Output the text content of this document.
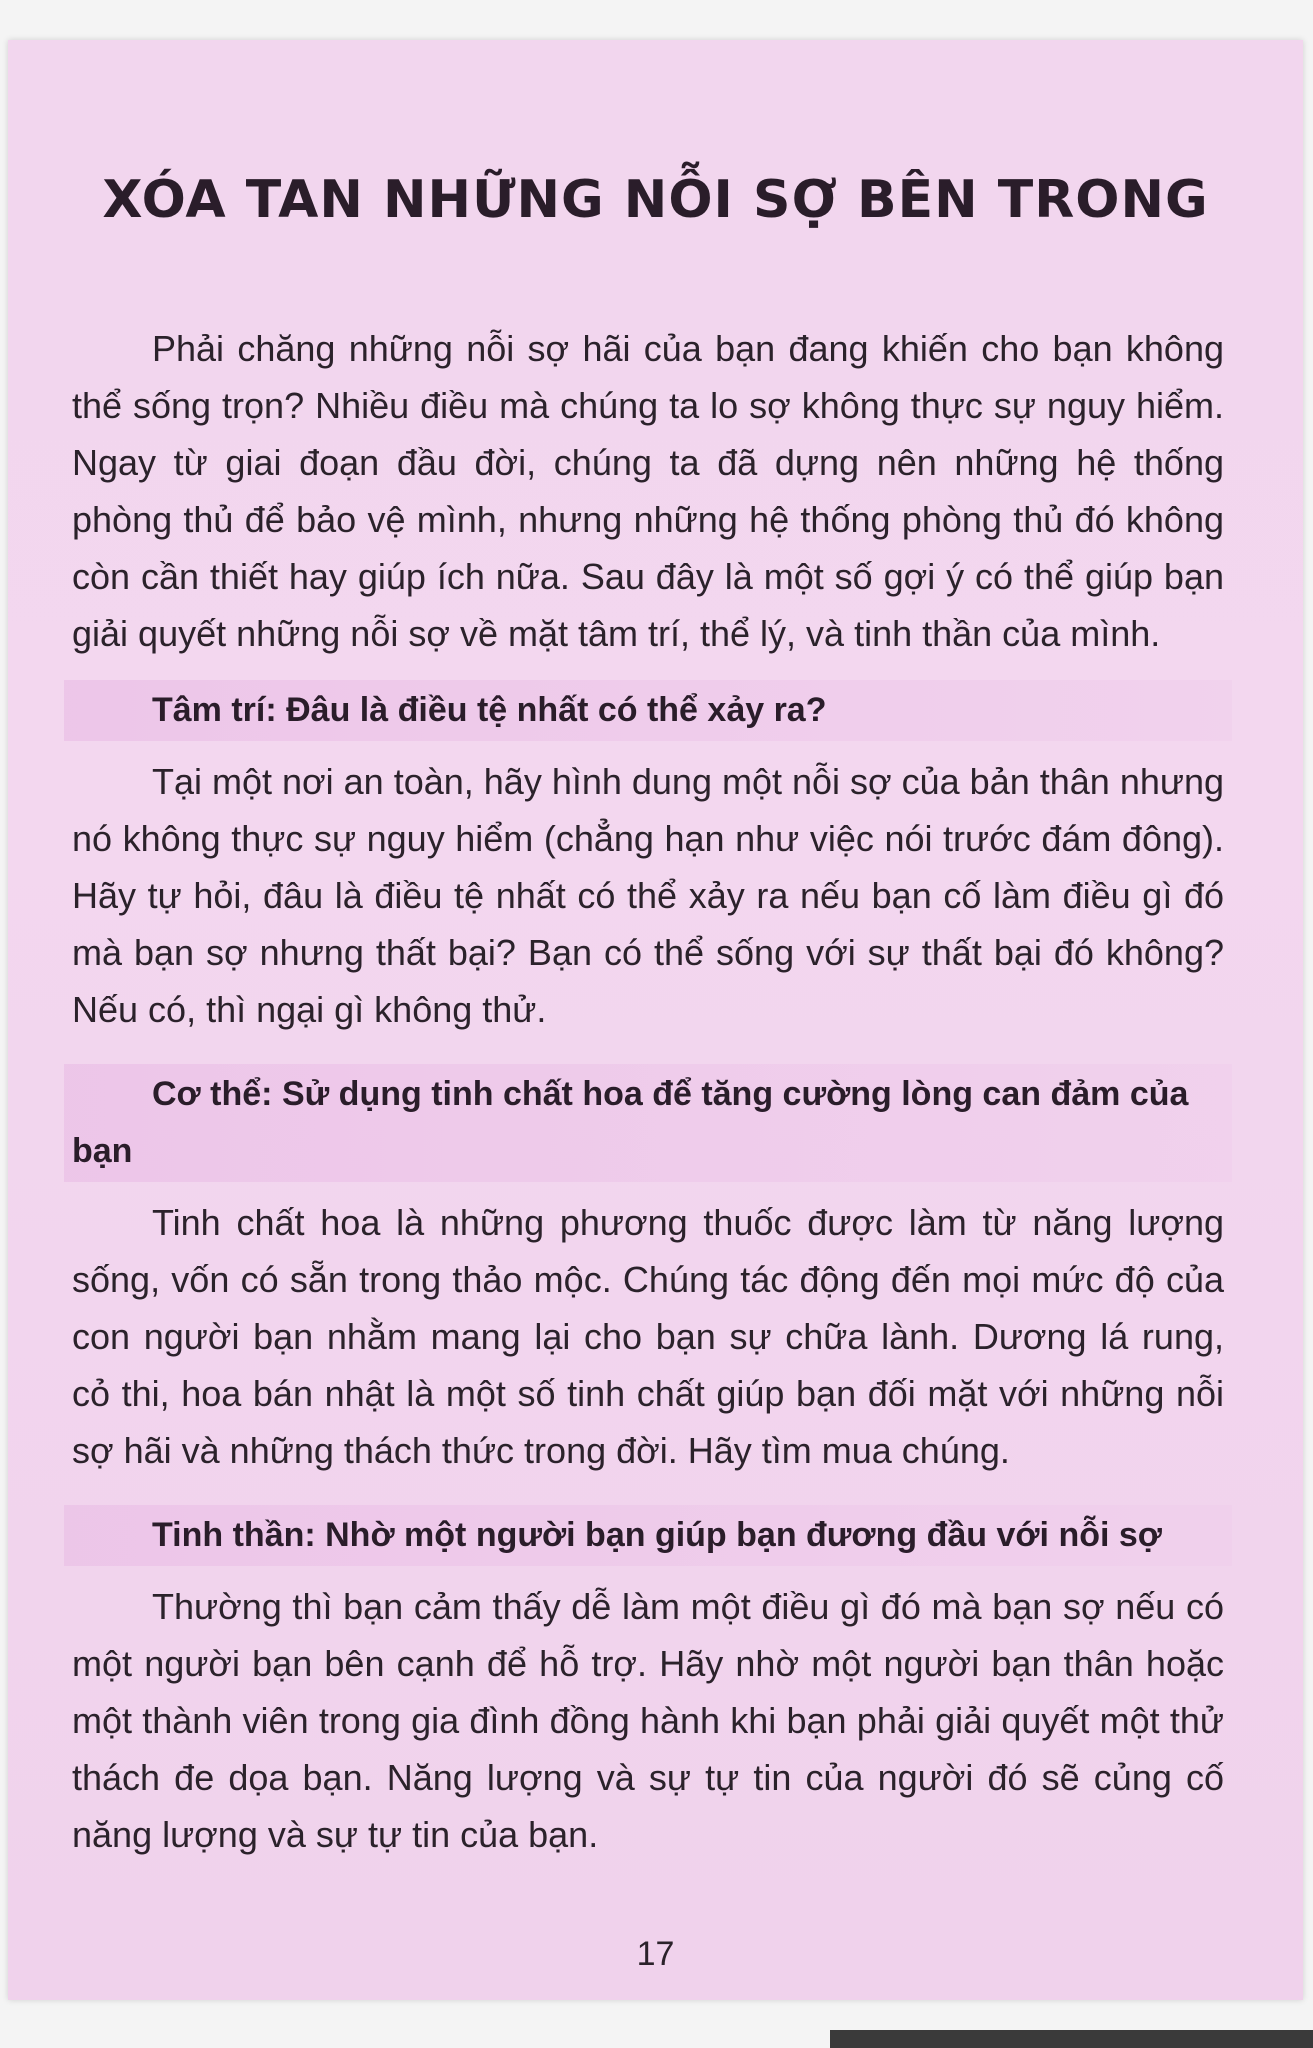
XÓA TAN NHỮNG NỖI SỢ BÊN TRONG

Phải chăng những nỗi sợ hãi của bạn đang khiến cho bạn không thể sống trọn? Nhiều điều mà chúng ta lo sợ không thực sự nguy hiểm. Ngay từ giai đoạn đầu đời, chúng ta đã dựng nên những hệ thống phòng thủ để bảo vệ mình, nhưng những hệ thống phòng thủ đó không còn cần thiết hay giúp ích nữa. Sau đây là một số gợi ý có thể giúp bạn giải quyết những nỗi sợ về mặt tâm trí, thể lý, và tinh thần của mình.

Tâm trí: Đâu là điều tệ nhất có thể xảy ra?

Tại một nơi an toàn, hãy hình dung một nỗi sợ của bản thân nhưng nó không thực sự nguy hiểm (chẳng hạn như việc nói trước đám đông). Hãy tự hỏi, đâu là điều tệ nhất có thể xảy ra nếu bạn cố làm điều gì đó mà bạn sợ nhưng thất bại? Bạn có thể sống với sự thất bại đó không? Nếu có, thì ngại gì không thử.

Cơ thể: Sử dụng tinh chất hoa để tăng cường lòng can đảm của bạn

Tinh chất hoa là những phương thuốc được làm từ năng lượng sống, vốn có sẵn trong thảo mộc. Chúng tác động đến mọi mức độ của con người bạn nhằm mang lại cho bạn sự chữa lành. Dương lá rung, cỏ thi, hoa bán nhật là một số tinh chất giúp bạn đối mặt với những nỗi sợ hãi và những thách thức trong đời. Hãy tìm mua chúng.

Tinh thần: Nhờ một người bạn giúp bạn đương đầu với nỗi sợ

Thường thì bạn cảm thấy dễ làm một điều gì đó mà bạn sợ nếu có một người bạn bên cạnh để hỗ trợ. Hãy nhờ một người bạn thân hoặc một thành viên trong gia đình đồng hành khi bạn phải giải quyết một thử thách đe dọa bạn. Năng lượng và sự tự tin của người đó sẽ củng cố năng lượng và sự tự tin của bạn.

17
